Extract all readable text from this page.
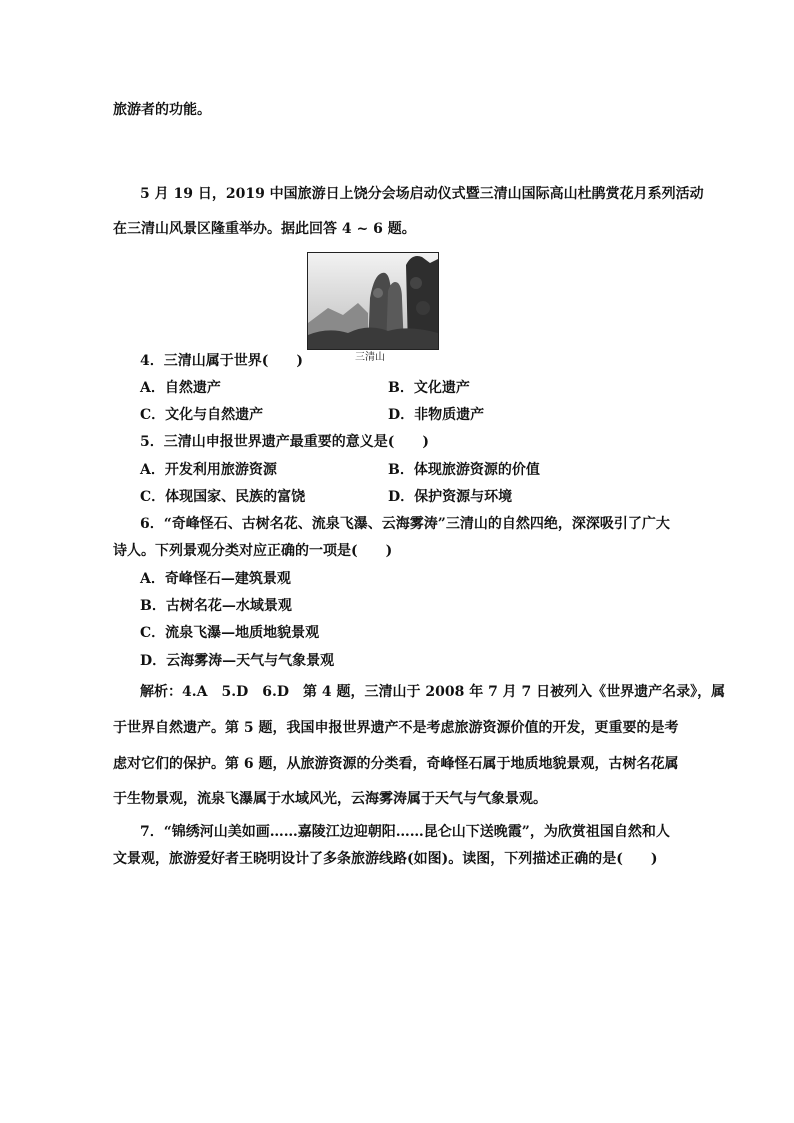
旅游者的功能。
5 月 19 日，2019 中国旅游日上饶分会场启动仪式暨三清山国际高山杜鹃赏花月系列活动
在三清山风景区隆重举办。据此回答 4 ~ 6 题。
三清山
4．三清山属于世界(　　)
A．自然遗产	B．文化遗产
C．文化与自然遗产	D．非物质遗产
5．三清山申报世界遗产最重要的意义是(　　)
A．开发利用旅游资源	B．体现旅游资源的价值
C．体现国家、民族的富饶	D．保护资源与环境
6．“奇峰怪石、古树名花、流泉飞瀑、云海雾涛”三清山的自然四绝，深深吸引了广大
诗人。下列景观分类对应正确的一项是(　　)
A．奇峰怪石—建筑景观
B．古树名花—水域景观
C．流泉飞瀑—地质地貌景观
D．云海雾涛—天气与气象景观
解析：4.A　5.D　6.D　第 4 题，三清山于 2008 年 7 月 7 日被列入《世界遗产名录》，属
于世界自然遗产。第 5 题，我国申报世界遗产不是考虑旅游资源价值的开发，更重要的是考
虑对它们的保护。第 6 题，从旅游资源的分类看，奇峰怪石属于地质地貌景观，古树名花属
于生物景观，流泉飞瀑属于水域风光，云海雾涛属于天气与气象景观。
7．“锦绣河山美如画……嘉陵江边迎朝阳……昆仑山下送晚霞”，为欣赏祖国自然和人
文景观，旅游爱好者王晓明设计了多条旅游线路(如图)。读图，下列描述正确的是(　　)
